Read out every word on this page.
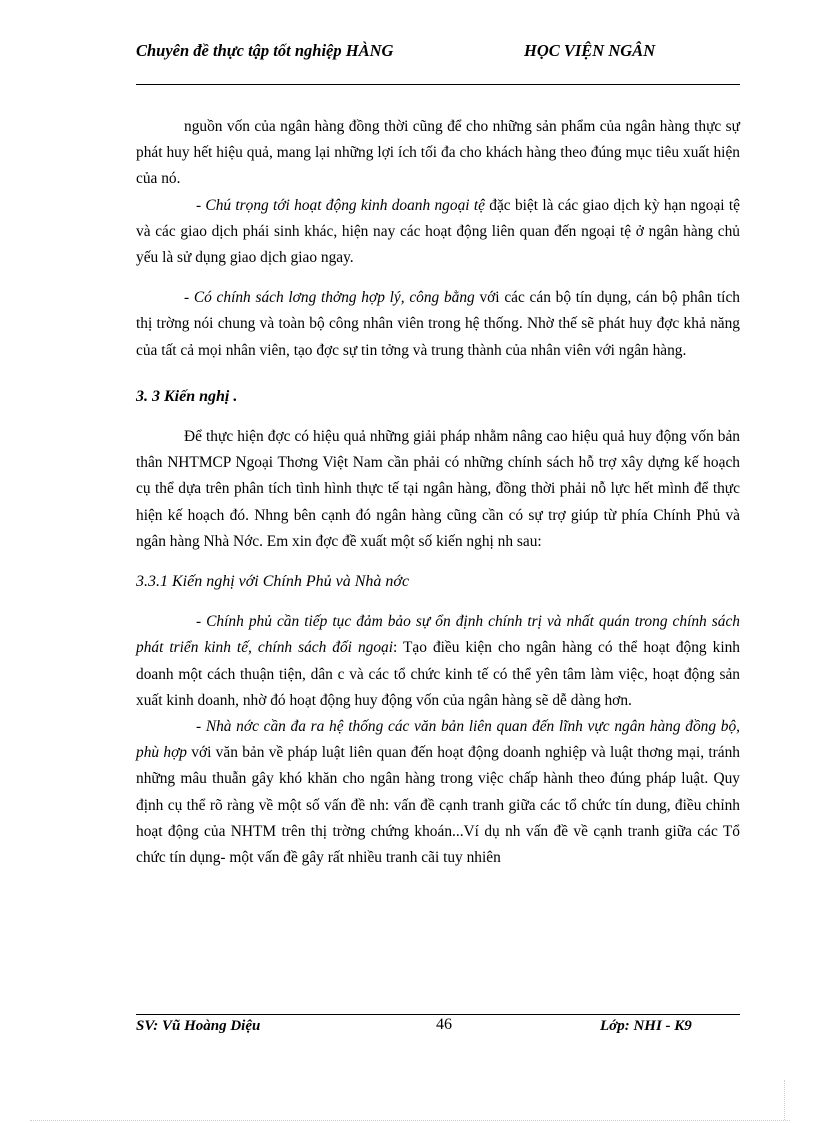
Chuyên đề thực tập tốt nghiệp HÀNG	HỌC VIỆN NGÂN

nguồn vốn của ngân hàng đồng thời cũng để cho những sản phẩm của ngân hàng thực sự phát huy hết hiệu quả, mang lại những lợi ích tối đa cho khách hàng theo đúng mục tiêu xuất hiện của nó.

- Chú trọng tới hoạt động kinh doanh ngoại tệ đặc biệt là các giao dịch kỳ hạn ngoại tệ và các giao dịch phái sinh khác, hiện nay các hoạt động liên quan đến ngoại tệ ở ngân hàng chủ yếu là sử dụng giao dịch giao ngay.

- Có chính sách lơng thởng hợp lý, công bằng với các cán bộ tín dụng, cán bộ phân tích thị trờng nói chung và toàn bộ công nhân viên trong hệ thống. Nhờ thế sẽ phát huy đợc khả năng của tất cả mọi nhân viên, tạo đợc sự tin tởng và trung thành của nhân viên với ngân hàng.

3. 3 Kiến nghị .

Để thực hiện đợc có hiệu quả những giải pháp nhằm nâng cao hiệu quả huy động vốn bản thân NHTMCP Ngoại Thơng Việt Nam cần phải có những chính sách hỗ trợ xây dựng kế hoạch cụ thể dựa trên phân tích tình hình thực tế tại ngân hàng, đồng thời phải nỗ lực hết mình để thực hiện kế hoạch đó. Nhng bên cạnh đó ngân hàng cũng cần có sự trợ giúp từ phía Chính Phủ và ngân hàng Nhà Nớc. Em xin đợc đề xuất một số kiến nghị nh sau:

3.3.1 Kiến nghị với Chính Phủ và Nhà nớc

- Chính phủ cần tiếp tục đảm bảo sự ổn định chính trị và nhất quán trong chính sách phát triển kinh tế, chính sách đối ngoại: Tạo điều kiện cho ngân hàng có thể hoạt động kinh doanh một cách thuận tiện, dân c và các tổ chức kinh tế có thể yên tâm làm việc, hoạt động sản xuất kinh doanh, nhờ đó hoạt động huy động vốn của ngân hàng sẽ dễ dàng hơn.

- Nhà nớc cần đa ra hệ thống các văn bản liên quan đến lĩnh vực ngân hàng đồng bộ, phù hợp với văn bản về pháp luật liên quan đến hoạt động doanh nghiệp và luật thơng mại, tránh những mâu thuẫn gây khó khăn cho ngân hàng trong việc chấp hành theo đúng pháp luật. Quy định cụ thể rõ ràng về một số vấn đề nh: vấn đề cạnh tranh giữa các tổ chức tín dung, điều chỉnh hoạt động của NHTM trên thị trờng chứng khoán...Ví dụ nh vấn đề về cạnh tranh giữa các Tổ chức tín dụng- một vấn đề gây rất nhiều tranh cãi tuy nhiên

SV: Vũ Hoàng Diệu	46	Lớp: NHI - K9
